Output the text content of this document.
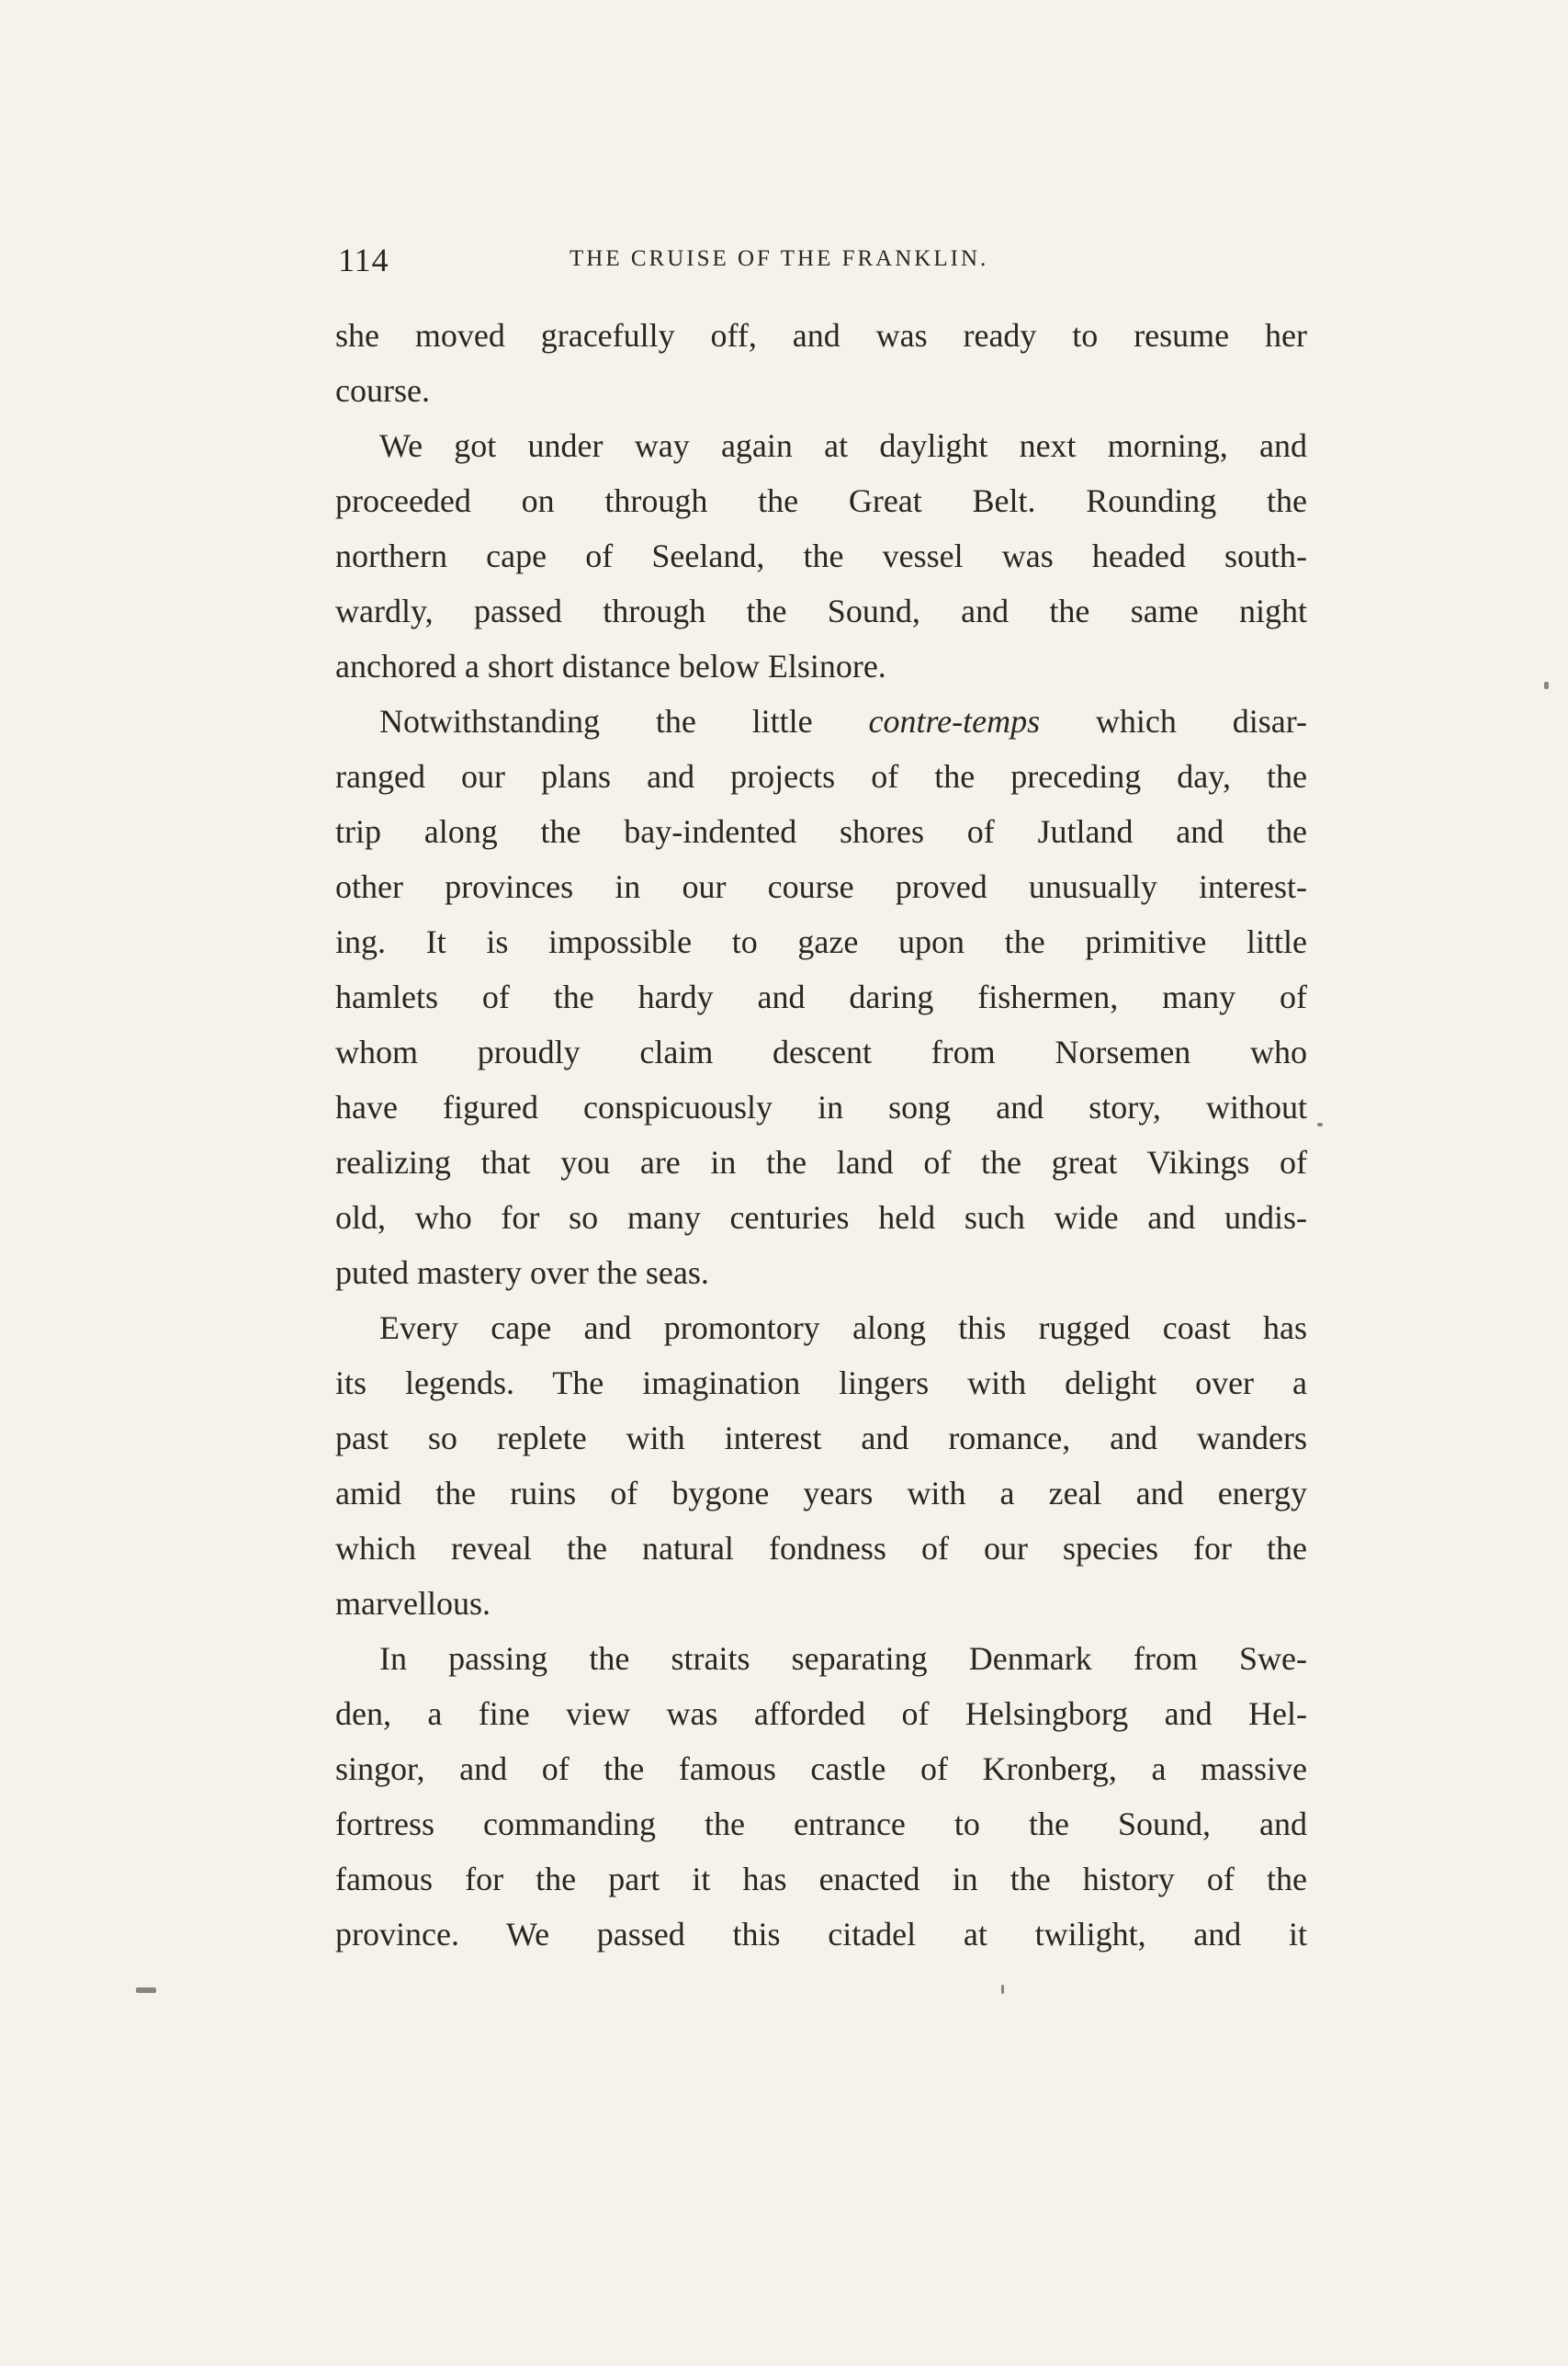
114	THE CRUISE OF THE FRANKLIN.
she moved gracefully off, and was ready to resume her
course.
We got under way again at daylight next morning, and
proceeded on through the Great Belt. Rounding the
northern cape of Seeland, the vessel was headed south-
wardly, passed through the Sound, and the same night
anchored a short distance below Elsinore.
Notwithstanding the little contre-temps which disar-
ranged our plans and projects of the preceding day, the
trip along the bay-indented shores of Jutland and the
other provinces in our course proved unusually interest-
ing. It is impossible to gaze upon the primitive little
hamlets of the hardy and daring fishermen, many of
whom proudly claim descent from Norsemen who
have figured conspicuously in song and story, without
realizing that you are in the land of the great Vikings of
old, who for so many centuries held such wide and undis-
puted mastery over the seas.
Every cape and promontory along this rugged coast has
its legends. The imagination lingers with delight over a
past so replete with interest and romance, and wanders
amid the ruins of bygone years with a zeal and energy
which reveal the natural fondness of our species for the
marvellous.
In passing the straits separating Denmark from Swe-
den, a fine view was afforded of Helsingborg and Hel-
singor, and of the famous castle of Kronberg, a massive
fortress commanding the entrance to the Sound, and
famous for the part it has enacted in the history of the
province. We passed this citadel at twilight, and it
